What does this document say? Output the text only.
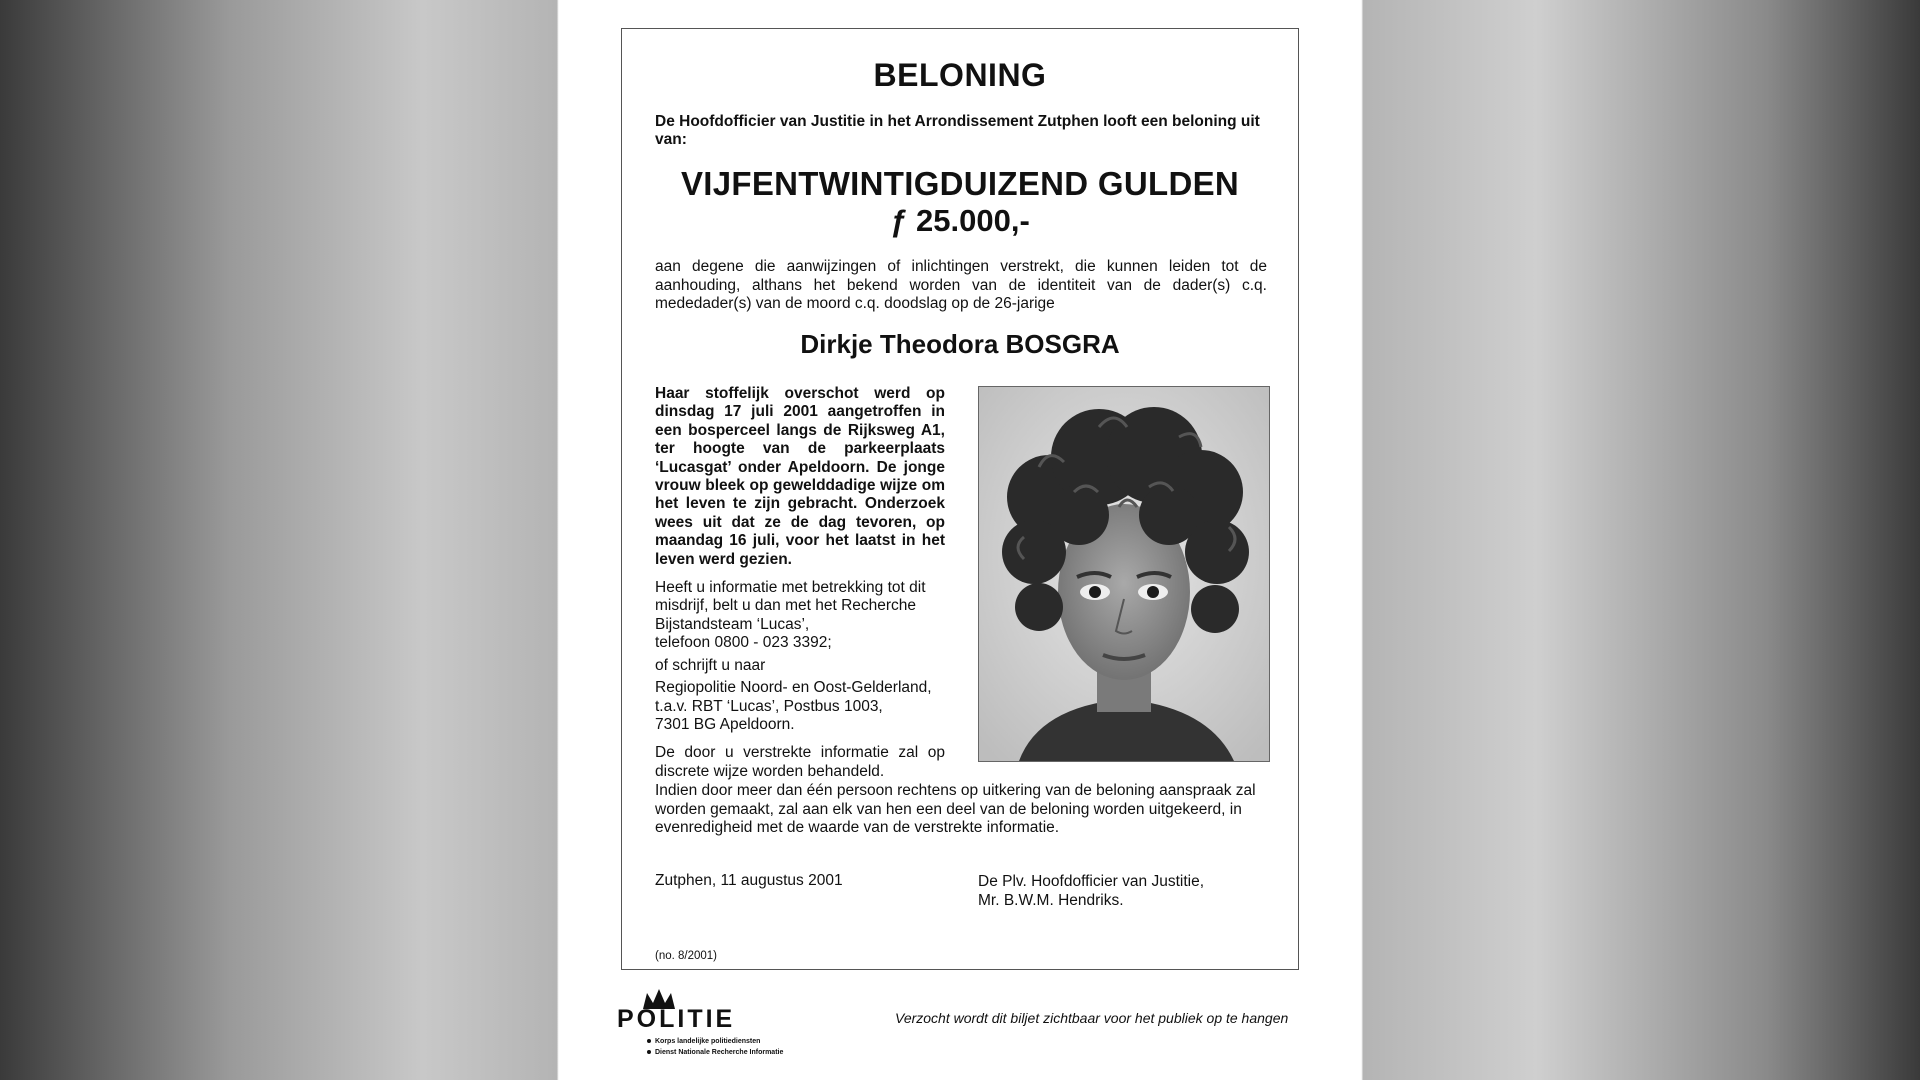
BELONING
De Hoofdofficier van Justitie in het Arrondissement Zutphen looft een beloning uit van:
VIJFENTWINTIGDUIZEND GULDEN
ƒ 25.000,-
aan degene die aanwijzingen of inlichtingen verstrekt, die kunnen leiden tot de aanhouding, althans het bekend worden van de identiteit van de dader(s) c.q. mededader(s) van de moord c.q. doodslag op de 26-jarige
Dirkje Theodora BOSGRA

Haar stoffelijk overschot werd op dinsdag 17 juli 2001 aangetroffen in een bosperceel langs de Rijksweg A1, ter hoogte van de parkeerplaats ‘Lucasgat’ onder Apeldoorn. De jonge vrouw bleek op gewelddadige wijze om het leven te zijn gebracht. Onderzoek wees uit dat ze de dag tevoren, op maandag 16 juli, voor het laatst in het leven werd gezien.

Heeft u informatie met betrekking tot dit misdrijf, belt u dan met het Recherche Bijstandsteam ‘Lucas’,
telefoon 0800 - 023 3392;

of schrijft u naar

Regiopolitie Noord- en Oost-Gelderland,
t.a.v. RBT ‘Lucas’, Postbus 1003,
7301 BG Apeldoorn.

De door u verstrekte informatie zal op discrete wijze worden behandeld.

Indien door meer dan één persoon rechtens op uitkering van de beloning aanspraak zal worden gemaakt, zal aan elk van hen een deel van de beloning worden uitgekeerd, in evenredigheid met de waarde van de verstrekte informatie.
Zutphen, 11 augustus 2001	De Plv. Hoofdofficier van Justitie,
Mr. B.W.M. Hendriks.
(no. 8/2001)
POLITIE
Korps landelijke politiediensten
Dienst Nationale Recherche Informatie
Verzocht wordt dit biljet zichtbaar voor het publiek op te hangen
